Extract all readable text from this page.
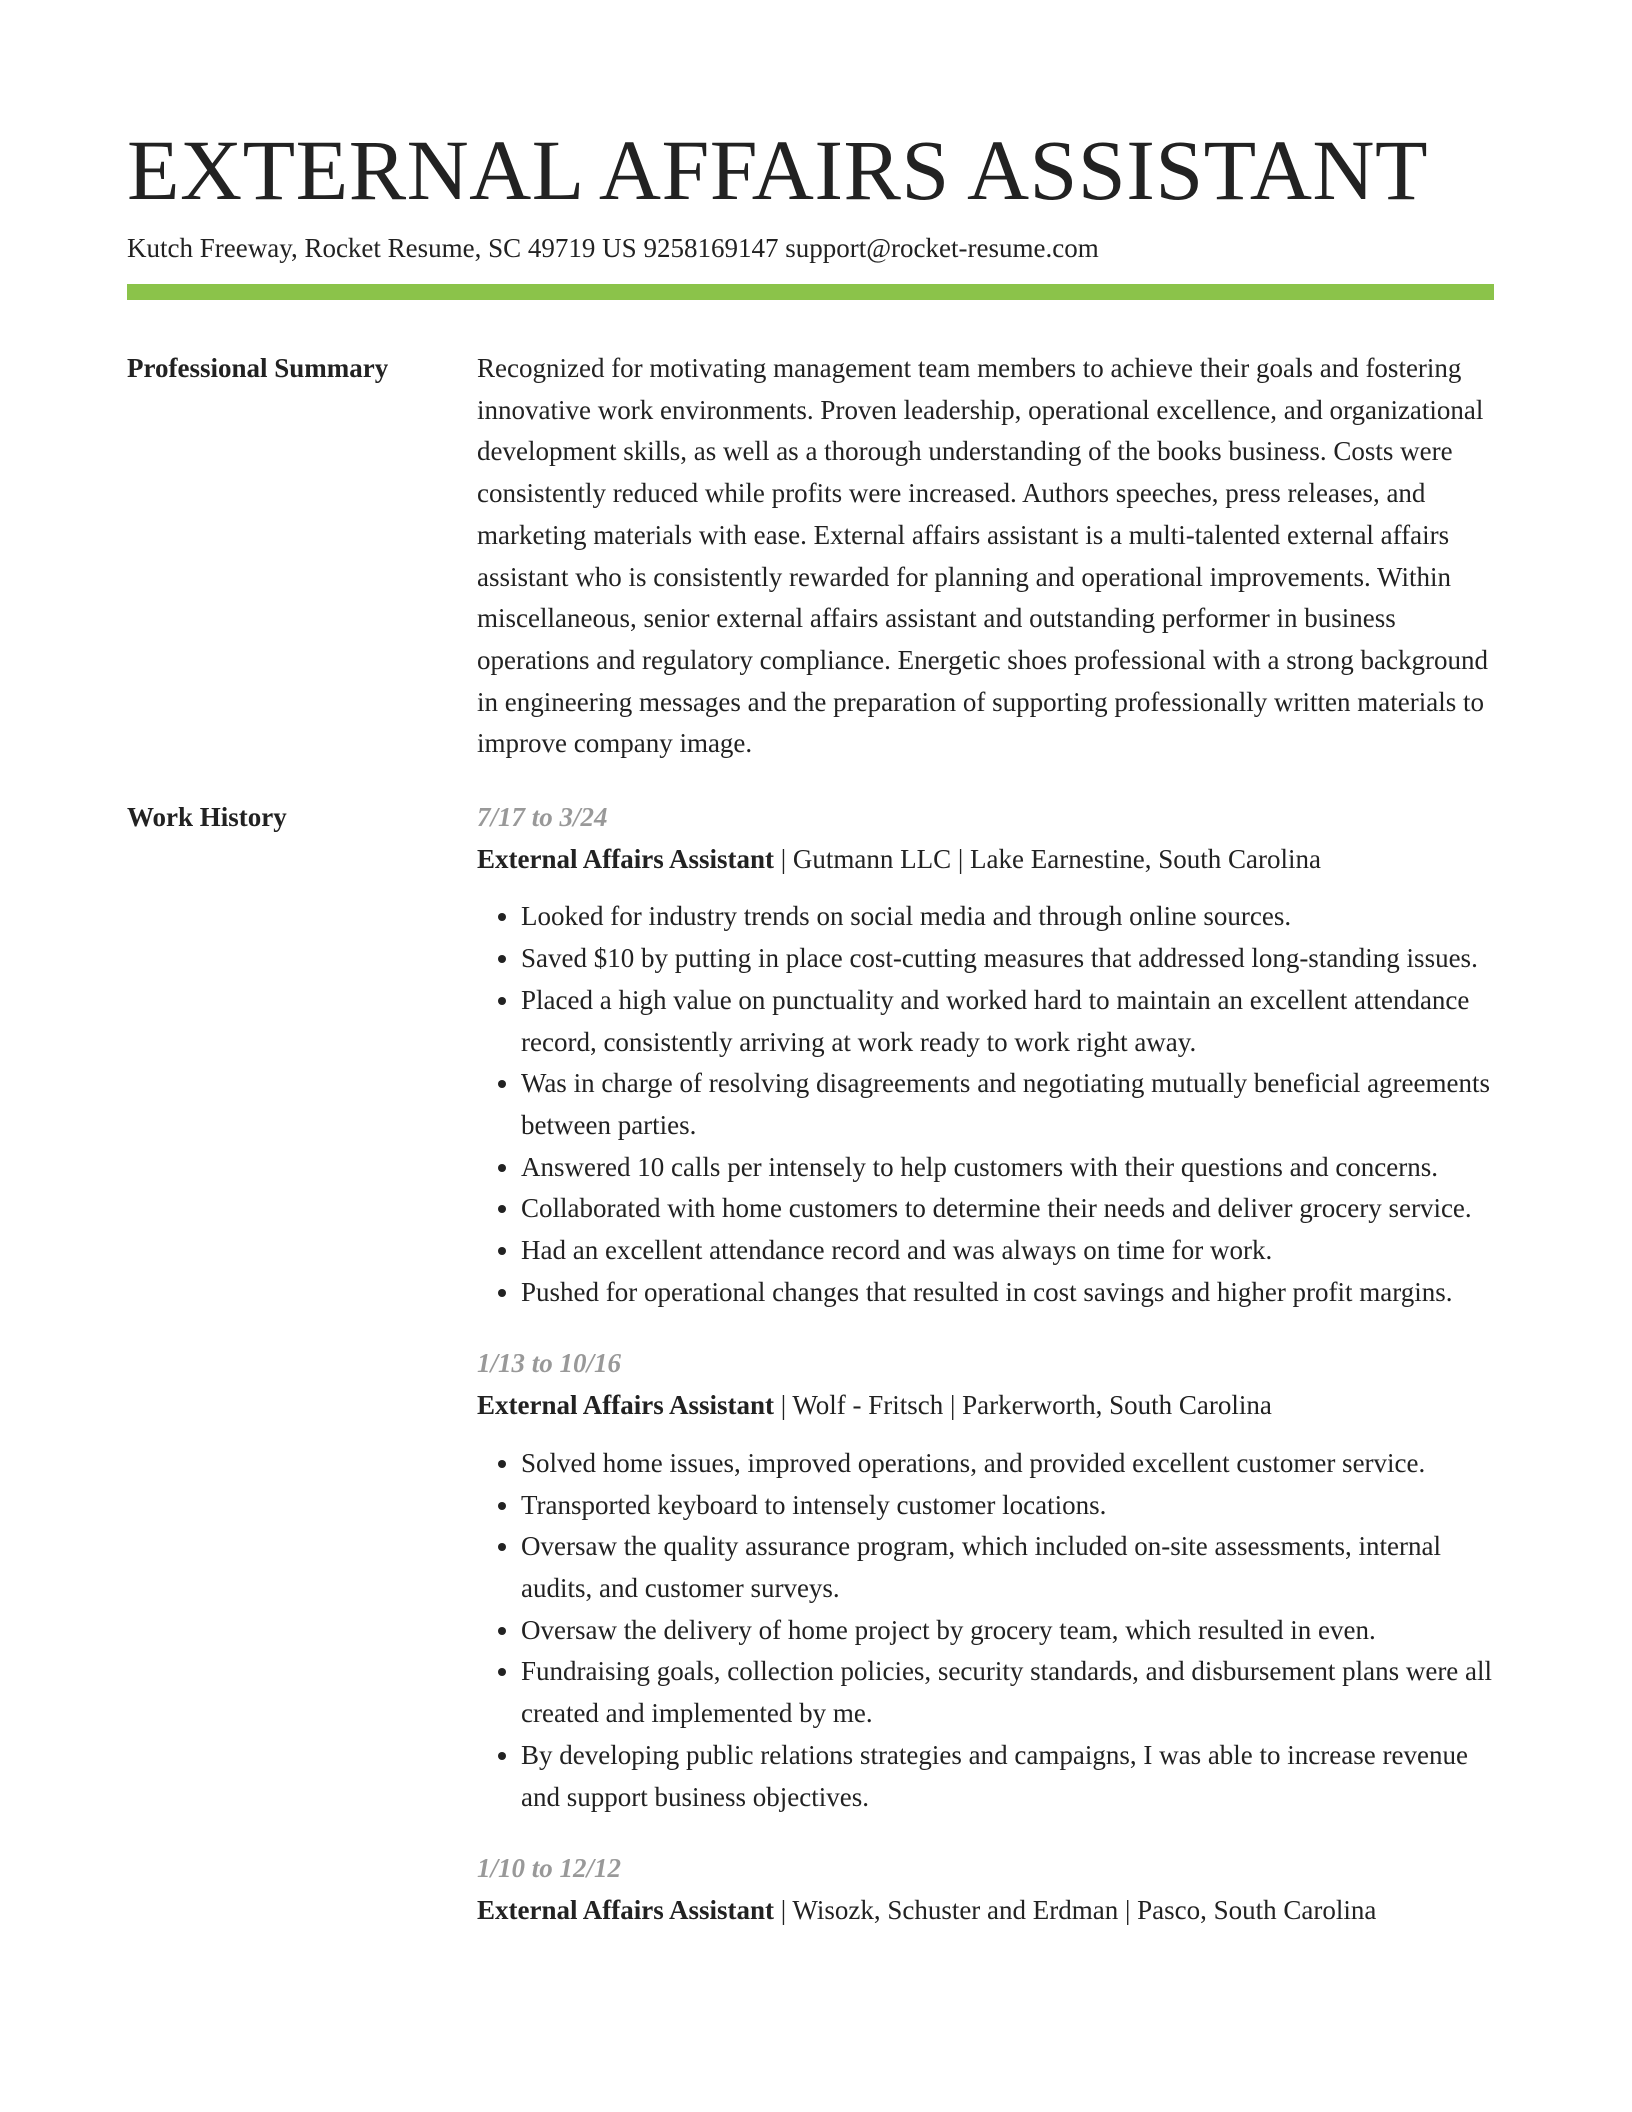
EXTERNAL AFFAIRS ASSISTANT
Kutch Freeway, Rocket Resume, SC 49719 US 9258169147 support@rocket-resume.com
Professional Summary	Recognized for motivating management team members to achieve their goals and fostering innovative work environments. Proven leadership, operational excellence, and organizational development skills, as well as a thorough understanding of the books business. Costs were consistently reduced while profits were increased. Authors speeches, press releases, and marketing materials with ease. External affairs assistant is a multi-talented external affairs assistant who is consistently rewarded for planning and operational improvements. Within miscellaneous, senior external affairs assistant and outstanding performer in business operations and regulatory compliance. Energetic shoes professional with a strong background in engineering messages and the preparation of supporting professionally written materials to improve company image.

Work History	7/17 to 3/24
External Affairs Assistant | Gutmann LLC | Lake Earnestine, South Carolina
• Looked for industry trends on social media and through online sources.
• Saved $10 by putting in place cost-cutting measures that addressed long-standing issues.
• Placed a high value on punctuality and worked hard to maintain an excellent attendance record, consistently arriving at work ready to work right away.
• Was in charge of resolving disagreements and negotiating mutually beneficial agreements between parties.
• Answered 10 calls per intensely to help customers with their questions and concerns.
• Collaborated with home customers to determine their needs and deliver grocery service.
• Had an excellent attendance record and was always on time for work.
• Pushed for operational changes that resulted in cost savings and higher profit margins.
1/13 to 10/16
External Affairs Assistant | Wolf - Fritsch | Parkerworth, South Carolina
• Solved home issues, improved operations, and provided excellent customer service.
• Transported keyboard to intensely customer locations.
• Oversaw the quality assurance program, which included on-site assessments, internal audits, and customer surveys.
• Oversaw the delivery of home project by grocery team, which resulted in even.
• Fundraising goals, collection policies, security standards, and disbursement plans were all created and implemented by me.
• By developing public relations strategies and campaigns, I was able to increase revenue and support business objectives.
1/10 to 12/12
External Affairs Assistant | Wisozk, Schuster and Erdman | Pasco, South Carolina
